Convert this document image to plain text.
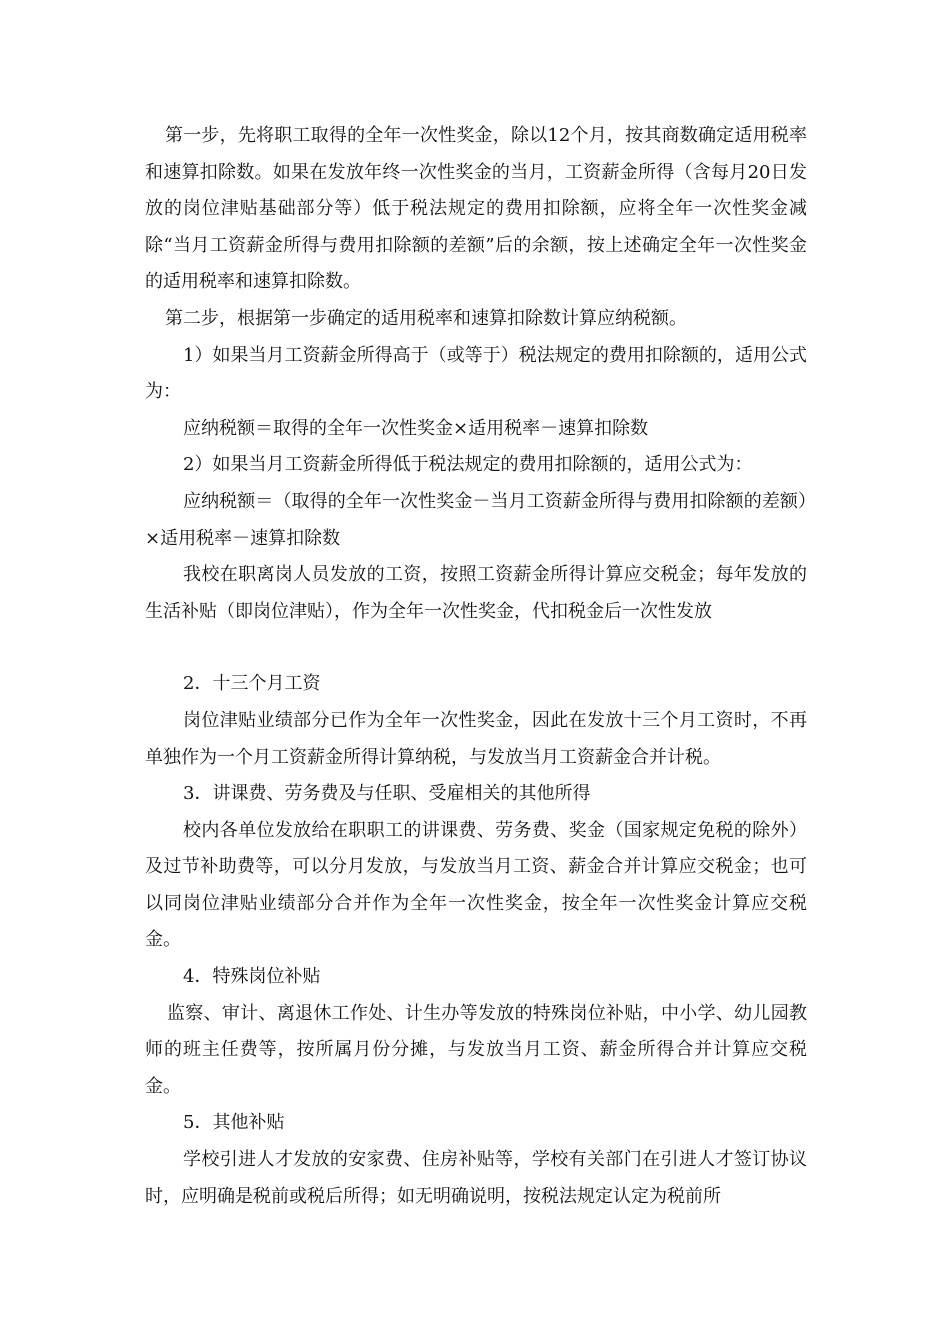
第一步，先将职工取得的全年一次性奖金，除以12个月，按其商数确定适用税率和速算扣除数。如果在发放年终一次性奖金的当月，工资薪金所得（含每月20日发放的岗位津贴基础部分等）低于税法规定的费用扣除额，应将全年一次性奖金减除“当月工资薪金所得与费用扣除额的差额”后的余额，按上述确定全年一次性奖金的适用税率和速算扣除数。

第二步，根据第一步确定的适用税率和速算扣除数计算应纳税额。

1）如果当月工资薪金所得高于（或等于）税法规定的费用扣除额的，适用公式为：

应纳税额＝取得的全年一次性奖金×适用税率－速算扣除数

2）如果当月工资薪金所得低于税法规定的费用扣除额的，适用公式为：

应纳税额＝（取得的全年一次性奖金－当月工资薪金所得与费用扣除额的差额）×适用税率－速算扣除数

我校在职离岗人员发放的工资，按照工资薪金所得计算应交税金；每年发放的生活补贴（即岗位津贴），作为全年一次性奖金，代扣税金后一次性发放

2．十三个月工资

岗位津贴业绩部分已作为全年一次性奖金，因此在发放十三个月工资时，不再单独作为一个月工资薪金所得计算纳税，与发放当月工资薪金合并计税。

3．讲课费、劳务费及与任职、受雇相关的其他所得

校内各单位发放给在职职工的讲课费、劳务费、奖金（国家规定免税的除外）及过节补助费等，可以分月发放，与发放当月工资、薪金合并计算应交税金；也可以同岗位津贴业绩部分合并作为全年一次性奖金，按全年一次性奖金计算应交税金。

4．特殊岗位补贴

监察、审计、离退休工作处、计生办等发放的特殊岗位补贴，中小学、幼儿园教师的班主任费等，按所属月份分摊，与发放当月工资、薪金所得合并计算应交税金。

5．其他补贴

学校引进人才发放的安家费、住房补贴等，学校有关部门在引进人才签订协议时，应明确是税前或税后所得；如无明确说明，按税法规定认定为税前所
